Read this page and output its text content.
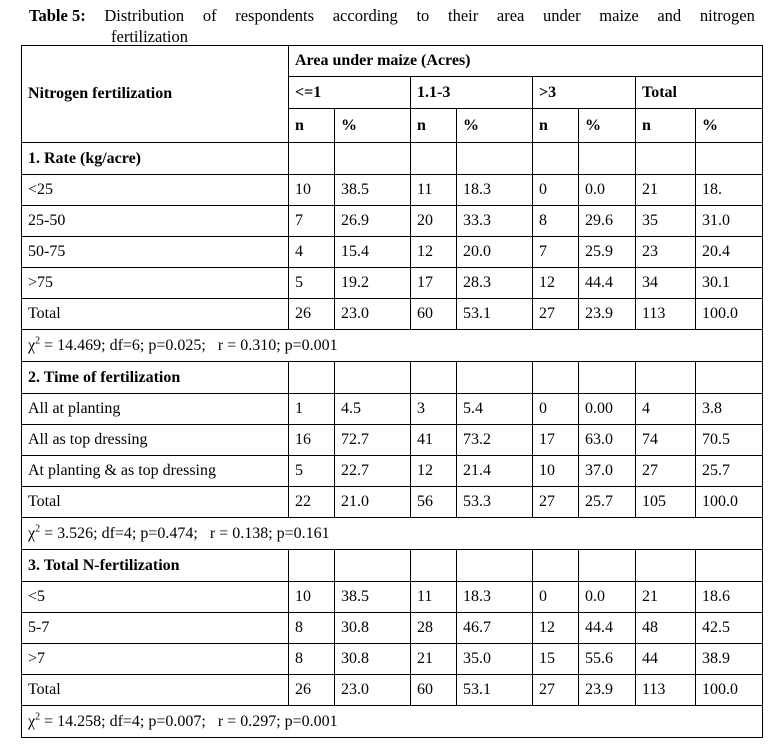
Table 5: Distribution of respondents according to their area under maize and nitrogen
fertilization
Nitrogen fertilization	Area under maize (Acres)							
	<=1		1.1-3		>3		Total	
	n	%	n	%	n	%	n	%
1. Rate (kg/acre)								
<25	10	38.5	11	18.3	0	0.0	21	18.
25-50	7	26.9	20	33.3	8	29.6	35	31.0
50-75	4	15.4	12	20.0	7	25.9	23	20.4
>75	5	19.2	17	28.3	12	44.4	34	30.1
Total	26	23.0	60	53.1	27	23.9	113	100.0
$\chi^2 = 14.469$; df=6; p=0.025;   r = 0.310; p=0.001								
2. Time of fertilization								
All at planting	1	4.5	3	5.4	0	0.00	4	3.8
All as top dressing	16	72.7	41	73.2	17	63.0	74	70.5
At planting & as top dressing	5	22.7	12	21.4	10	37.0	27	25.7
Total	22	21.0	56	53.3	27	25.7	105	100.0
$\chi^2 = 3.526$; df=4; p=0.474;   r = 0.138; p=0.161								
3. Total N-fertilization								
<5	10	38.5	11	18.3	0	0.0	21	18.6
5-7	8	30.8	28	46.7	12	44.4	48	42.5
>7	8	30.8	21	35.0	15	55.6	44	38.9
Total	26	23.0	60	53.1	27	23.9	113	100.0
$\chi^2 = 14.258$; df=4; p=0.007;   r = 0.297; p=0.001								
